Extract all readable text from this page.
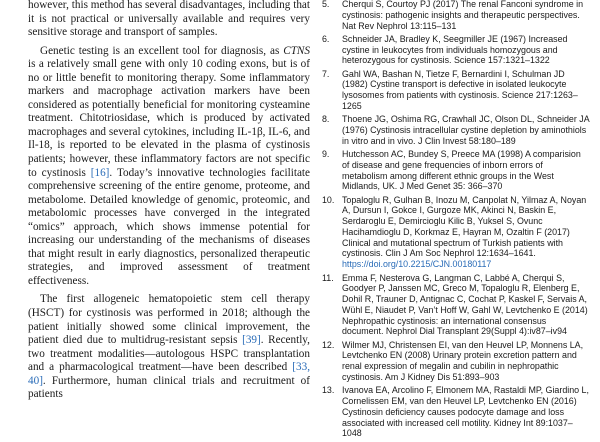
however, this method has several disadvantages, including that it is not practical or universally available and requires very sensitive storage and transport of samples.

Genetic testing is an excellent tool for diagnosis, as CTNS is a relatively small gene with only 10 coding exons, but is of no or little benefit to monitoring therapy. Some inflammatory markers and macrophage activation markers have been considered as potentially beneficial for monitoring cysteamine treatment. Chitotriosidase, which is produced by activated macrophages and several cytokines, including IL-1β, IL-6, and Il-18, is reported to be elevated in the plasma of cystinosis patients; however, these inflammatory factors are not specific to cystinosis [16]. Today’s innovative technologies facilitate comprehensive screening of the entire genome, proteome, and metabolome. Detailed knowledge of genomic, proteomic, and metabolomic processes have converged in the integrated “omics” approach, which shows immense potential for increasing our understanding of the mechanisms of diseases that might result in early diagnostics, personalized therapeutic strategies, and improved assessment of treatment effectiveness.

The first allogeneic hematopoietic stem cell therapy (HSCT) for cystinosis was performed in 2018; although the patient initially showed some clinical improvement, the patient died due to multidrug-resistant sepsis [39]. Recently, two treatment modalities—autologous HSPC transplantation and a pharmacological treatment—have been described [33, 40]. Furthermore, human clinical trials and recruitment of patients

5.	Cherqui S, Courtoy PJ (2017) The renal Fanconi syndrome in cystinosis: pathogenic insights and therapeutic perspectives. Nat Rev Nephrol 13:115–131
6.	Schneider JA, Bradley K, Seegmiller JE (1967) Increased cystine in leukocytes from individuals homozygous and heterozygous for cystinosis. Science 157:1321–1322
7.	Gahl WA, Bashan N, Tietze F, Bernardini I, Schulman JD (1982) Cystine transport is defective in isolated leukocyte lysosomes from patients with cystinosis. Science 217:1263–1265
8.	Thoene JG, Oshima RG, Crawhall JC, Olson DL, Schneider JA (1976) Cystinosis intracellular cystine depletion by aminothiols in vitro and in vivo. J Clin Invest 58:180–189
9.	Hutchesson AC, Bundey S, Preece MA (1998) A comparision of disease and gene frequencies of inborn errors of metabolism among different ethnic groups in the West Midlands, UK. J Med Genet 35: 366–370
10. Topaloglu R, Gulhan B, Inozu M, Canpolat N, Yilmaz A, Noyan A, Dursun I, Gokce I, Gurgoze MK, Akinci N, Baskin E, Serdaroglu E, Demircioglu Kilic B, Yuksel S, Ovunc Hacihamdioglu D, Korkmaz E, Hayran M, Ozaltin F (2017) Clinical and mutational spectrum of Turkish patients with cystinosis. Clin J Am Soc Nephrol 12:1634–1641. https://doi.org/10.2215/CJN.00180117
11. Emma F, Nesterova G, Langman C, Labbé A, Cherqui S, Goodyer P, Janssen MC, Greco M, Topaloglu R, Elenberg E, Dohil R, Trauner D, Antignac C, Cochat P, Kaskel F, Servais A, Wühl E, Niaudet P, Van’t Hoff W, Gahl W, Levtchenko E (2014) Nephropathic cystinosis: an international consensus document. Nephrol Dial Transplant 29(Suppl 4):iv87–iv94
12. Wilmer MJ, Christensen EI, van den Heuvel LP, Monnens LA, Levtchenko EN (2008) Urinary protein excretion pattern and renal expression of megalin and cubilin in nephropathic cystinosis. Am J Kidney Dis 51:893–903
13. Ivanova EA, Arcolino F, Elmonem MA, Rastaldi MP, Giardino L, Cornelissen EM, van den Heuvel LP, Levtchenko EN (2016) Cystinosin deficiency causes podocyte damage and loss associated with increased cell motility. Kidney Int 89:1037–1048
